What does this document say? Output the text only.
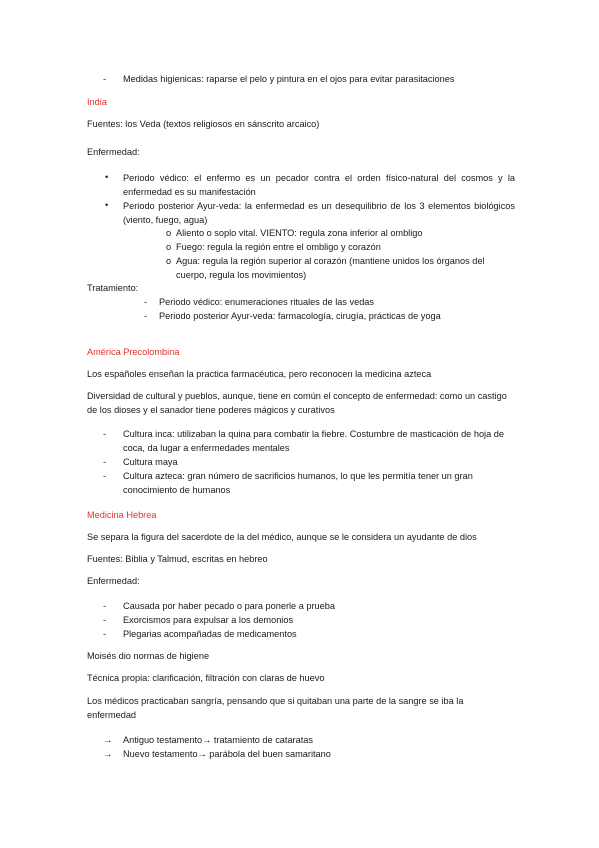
- Medidas higienicas: raparse el pelo y pintura en el ojos para evitar parasitaciones

India

Fuentes: los Veda (textos religiosos en sánscrito arcaico)

Enfermedad:

• Periodo védico: el enfermo es un pecador contra el orden físico-natural del cosmos y la enfermedad es su manifestación
• Periodo posterior Ayur-veda: la enfermedad es un desequilibrio de los 3 elementos biológicos (viento, fuego, agua)
o Aliento o soplo vital. VIENTO: regula zona inferior al ombligo
o Fuego: regula la región entre el ombligo y corazón
o Agua: regula la región superior al corazón (mantiene unidos los órganos del cuerpo, regula los movimientos)

Tratamiento:

- Periodo védico: enumeraciones rituales de las vedas
- Periodo posterior Ayur-veda: farmacología, cirugía, prácticas de yoga

América Precolombina

Los españoles enseñan la practica farmacéutica, pero reconocen la medicina azteca

Diversidad de cultural y pueblos, aunque, tiene en común el concepto de enfermedad: como un castigo de los dioses y el sanador tiene poderes mágicos y curativos

- Cultura inca: utilizaban la quina para combatir la fiebre. Costumbre de masticación de hoja de coca, da lugar a enfermedades mentales
- Cultura maya
- Cultura azteca: gran número de sacrificios humanos, lo que les permitía tener un gran conocimiento de humanos

Medicina Hebrea

Se separa la figura del sacerdote de la del médico, aunque se le considera un ayudante de dios

Fuentes: Biblia y Talmud, escritas en hebreo

Enfermedad:

- Causada por haber pecado o para ponerle a prueba
- Exorcismos para expulsar a los demonios
- Plegarias acompañadas de medicamentos

Moisés dio normas de higiene

Técnica propia: clarificación, filtración con claras de huevo

Los médicos practicaban sangría, pensando que si quitaban una parte de la sangre se iba la enfermedad

→ Antiguo testamento→ tratamiento de cataratas
→ Nuevo testamento→ parábola del buen samaritano
